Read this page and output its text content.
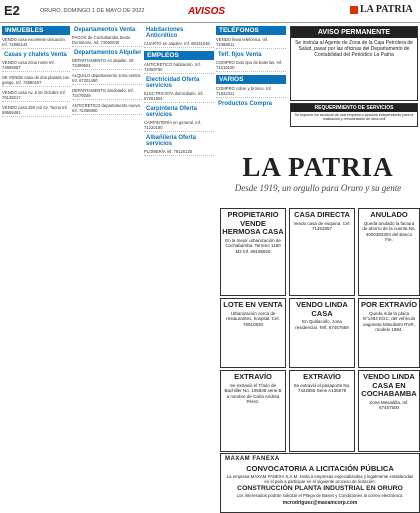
E2	ORURO, DOMINGO 1 DE MAYO DE 2022	AVISOS	LA PATRIA
INMUEBLES
VENDO casa excelente ubicación. Inf. 72685144
Casas y chalets Venta
VENDO casa zona norte Inf. 72695557
SE VENDE casa de dos plantas con garaje. Inf. 72690157
VENDO casa Av. 6 de Octubre Inf. 76138217
VENDO casa 250 m2 Av. Tacna Inf. 69565461
Departamentos Venta
PAGOS de Cochabamba Sexto Dormitorio. Inf. 72692840
Departamentos Alquiler
DEPARTAMENTO en alquiler. Inf. 72499601
ALQUILO departamento zona centro. Inf. 67201450
DEPARTAMENTO amoblado. Inf. 72475049
ANTICRETICO departamento nuevo. Inf. 72456060
Habitaciones Anticrético
CUARTO en alquiler. Inf. 68431048
EMPLEOS
ANTICRETICO habitación. Inf. 72458790
Electricidad Oferta servicios
ELECTRICISTA domiciliario. Inf. 67291804
Carpintería Oferta servicios
CARPINTERÍA en general. Inf. 71220180
Albañilería Oferta servicios
PLOMERÍA Inf. 79120135
TELÉFONOS
VENDO línea telefónica. Inf. 72488811
Telf. fijos Venta
COMPRO todo tipo de baterías. Inf. 71216100
VARIOS
COMPRO cobre y bronce. Inf. 71832311
Productos Compra
AVISO PERMANENTE
Se insinúa al Agente de Zona de la Caja Petrolera de Salud, pasar por las oficinas del Departamento de Contabilidad del Periódico La Patria
REQUERIMIENTO DE SERVICIOS
Se requiere los servicios de una empresa o persona independiente para la realización y remodelación de obra civil
LA PATRIA
Desde 1919, un orgullo para Oruro y su gente
PROPIETARIO VENDE HERMOSA CASA
En la mejor urbanización de Cochabamba. Terreno 1180 M2 Inf. 69195620
CASA DIRECTA
Vendo casa de esquina. Cel. 71452857
ANULADO
Queda anulado la factura de ahorro de la cuenta No. 4000383304 del Banco Fie.
LOTE EN VENTA
Urbanización cerca de restaurantes, hospital. Cel. 76910830
VENDO LINDA CASA
En Quillacollo, zona residencial. Telf. 67457559
POR EXTRAVÍO
Queda nula la placa N°1484 EGC, del vehículo vagoneta Mitsubishi RVR, modelo 1994.
EXTRAVÍO
Se extravió el Título de Bachiller No. 105838 serie B a nombre de Carla Andrea Pérez.
EXTRAVÍO
Se extravió el pasaporte No. 7422555 Serie A135679
VENDO LINDA CASA EN COCHABAMBA
Zona Mesadilla, Inf. 67457500
MAXAM FANEXA
CONVOCATORIA A LICITACIÓN PÚBLICA
La empresa MAXAM FANEXA S.A.M. invita a empresas especializadas y legalmente establecidas en el país a participar en el siguiente proceso de licitación:
CONSTRUCCIÓN PLANTA INDUSTRIAL EN ORURO
Los interesados podrán solicitar el Pliego de Bases y Condiciones al correo electrónico:
mcrodriguez@maxamcorp.com
